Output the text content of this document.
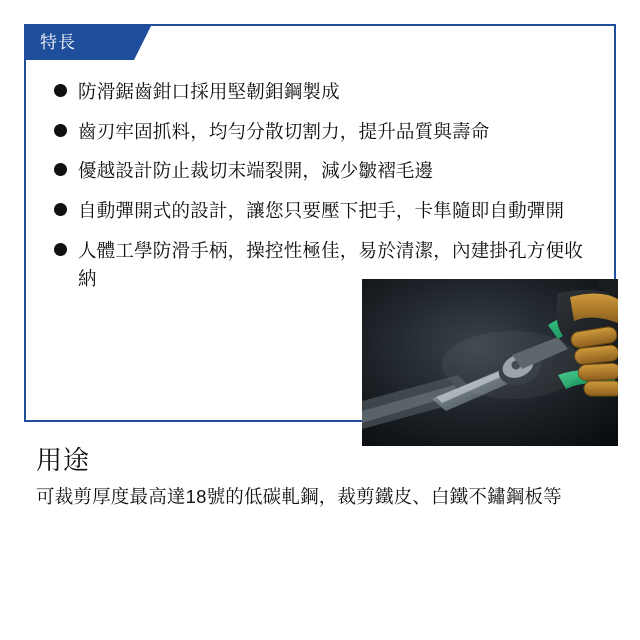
特長
防滑鋸齒鉗口採用堅韌鉬鋼製成
齒刃牢固抓料，均勻分散切割力，提升品質與壽命
優越設計防止裁切末端裂開，減少皺褶毛邊
自動彈開式的設計，讓您只要壓下把手，卡隼隨即自動彈開
人體工學防滑手柄，操控性極佳，易於清潔，內建掛孔方便收納
用途

可裁剪厚度最高達18號的低碳軋鋼，裁剪鐵皮、白鐵不鏽鋼板等
